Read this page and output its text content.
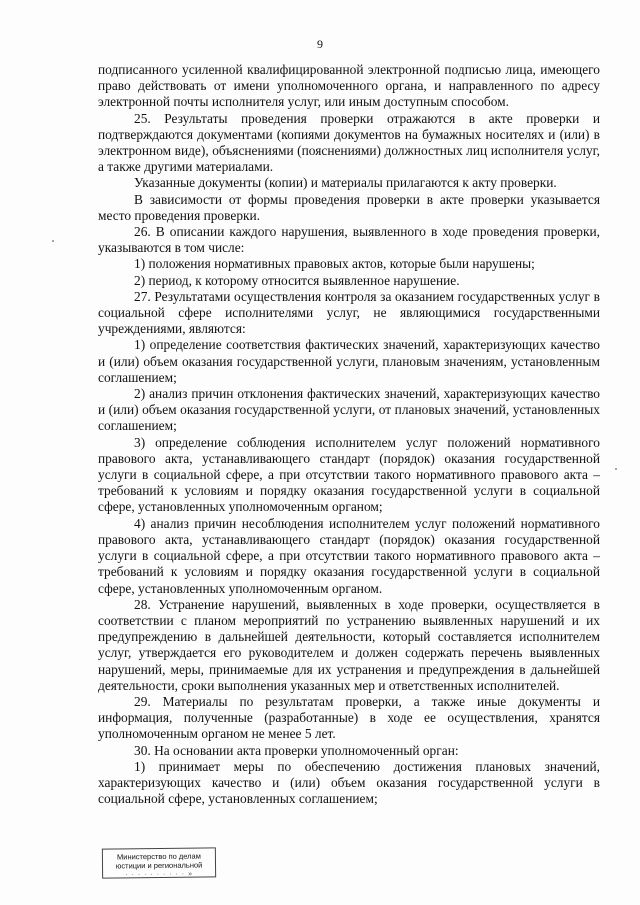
9

подписанного усиленной квалифицированной электронной подписью лица, имеющего право действовать от имени уполномоченного органа, и направленного по адресу электронной почты исполнителя услуг, или иным доступным способом.

25. Результаты проведения проверки отражаются в акте проверки и подтверждаются документами (копиями документов на бумажных носителях и (или) в электронном виде), объяснениями (пояснениями) должностных лиц исполнителя услуг, а также другими материалами.

Указанные документы (копии) и материалы прилагаются к акту проверки.

В зависимости от формы проведения проверки в акте проверки указывается место проведения проверки.

26. В описании каждого нарушения, выявленного в ходе проведения проверки, указываются в том числе:

1) положения нормативных правовых актов, которые были нарушены;

2) период, к которому относится выявленное нарушение.

27. Результатами осуществления контроля за оказанием государственных услуг в социальной сфере исполнителями услуг, не являющимися государственными учреждениями, являются:

1) определение соответствия фактических значений, характеризующих качество и (или) объем оказания государственной услуги, плановым значениям, установленным соглашением;

2) анализ причин отклонения фактических значений, характеризующих качество и (или) объем оказания государственной услуги, от плановых значений, установленных соглашением;

3) определение соблюдения исполнителем услуг положений нормативного правового акта, устанавливающего стандарт (порядок) оказания государственной услуги в социальной сфере, а при отсутствии такого нормативного правового акта – требований к условиям и порядку оказания государственной услуги в социальной сфере, установленных уполномоченным органом;

4) анализ причин несоблюдения исполнителем услуг положений нормативного правового акта, устанавливающего стандарт (порядок) оказания государственной услуги в социальной сфере, а при отсутствии такого нормативного правового акта – требований к условиям и порядку оказания государственной услуги в социальной сфере, установленных уполномоченным органом.

28. Устранение нарушений, выявленных в ходе проверки, осуществляется в соответствии с планом мероприятий по устранению выявленных нарушений и их предупреждению в дальнейшей деятельности, который составляется исполнителем услуг, утверждается его руководителем и должен содержать перечень выявленных нарушений, меры, принимаемые для их устранения и предупреждения в дальнейшей деятельности, сроки выполнения указанных мер и ответственных исполнителей.

29. Материалы по результатам проверки, а также иные документы и информация, полученные (разработанные) в ходе ее осуществления, хранятся уполномоченным органом не менее 5 лет.

30. На основании акта проверки уполномоченный орган:

1) принимает меры по обеспечению достижения плановых значений, характеризующих качество и (или) объем оказания государственной услуги в социальной сфере, установленных соглашением;

Министерство по делам
юстиции и региональной
· · · · · · · · · · »
